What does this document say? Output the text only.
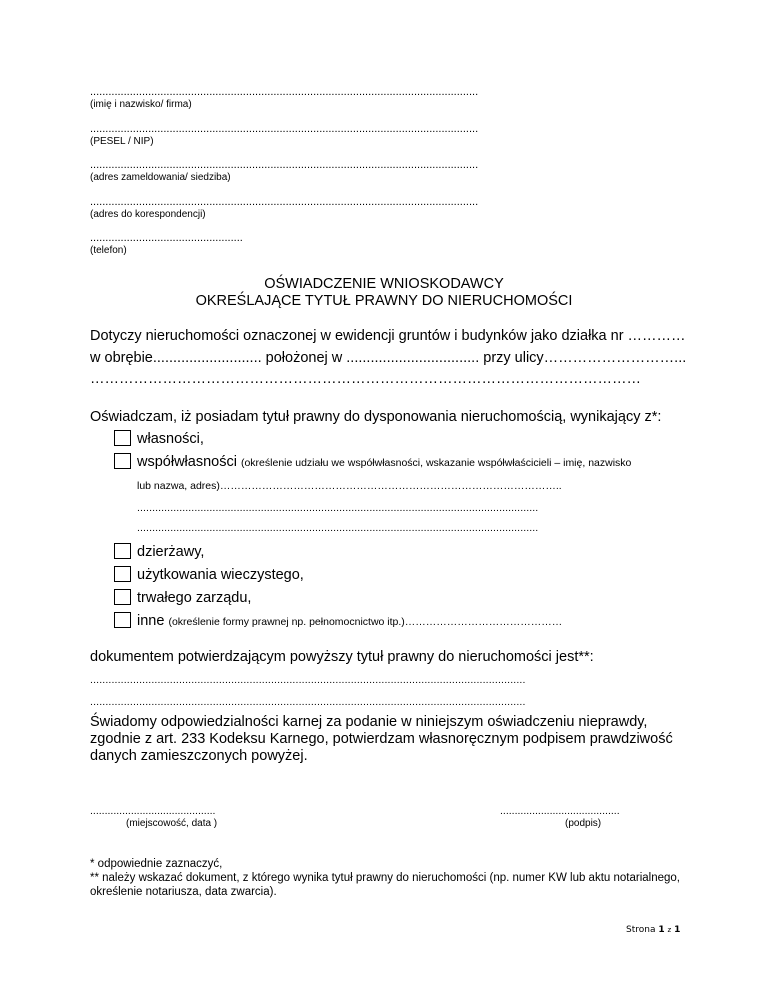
...............................................................................................................................
(imię i nazwisko/ firma)
...............................................................................................................................
(PESEL / NIP)
...............................................................................................................................
(adres zameldowania/ siedziba)
...............................................................................................................................
(adres do korespondencji)
..................................................
(telefon)
OŚWIADCZENIE WNIOSKODAWCY
OKREŚLAJĄCE TYTUŁ PRAWNY DO NIERUCHOMOŚCI
Dotyczy nieruchomości oznaczonej w ewidencji gruntów i budynków jako działka nr …………
w obrębie........................... położonej w ................................. przy ulicy………………………...
……………………………………………………………………………………………………
Oświadczam, iż posiadam tytuł prawny do dysponowania nieruchomością, wynikający z*:
własności,
współwłasności (określenie udziału we współwłasności, wskazanie współwłaścicieli – imię, nazwisko
lub nazwa, adres)……………………………………………………………………………………..
.....................................................................................................................................
.....................................................................................................................................
dzierżawy,
użytkowania wieczystego,
trwałego zarządu,
inne (określenie formy prawnej np. pełnomocnictwo itp.)………………………………………
dokumentem potwierdzającym powyższy tytuł prawny do nieruchomości jest**:
..............................................................................................................................................
..............................................................................................................................................
Świadomy odpowiedzialności karnej za podanie w niniejszym oświadczeniu nieprawdy, zgodnie z art. 233 Kodeksu Karnego, potwierdzam własnoręcznym podpisem prawdziwość danych zamieszczonych powyżej.
...........................................
(miejscowość, data )
.........................................
(podpis)
* odpowiednie zaznaczyć,
** należy wskazać dokument, z którego wynika tytuł prawny do nieruchomości (np. numer KW lub aktu notarialnego, określenie notariusza, data zwarcia).
Strona 1 z 1
